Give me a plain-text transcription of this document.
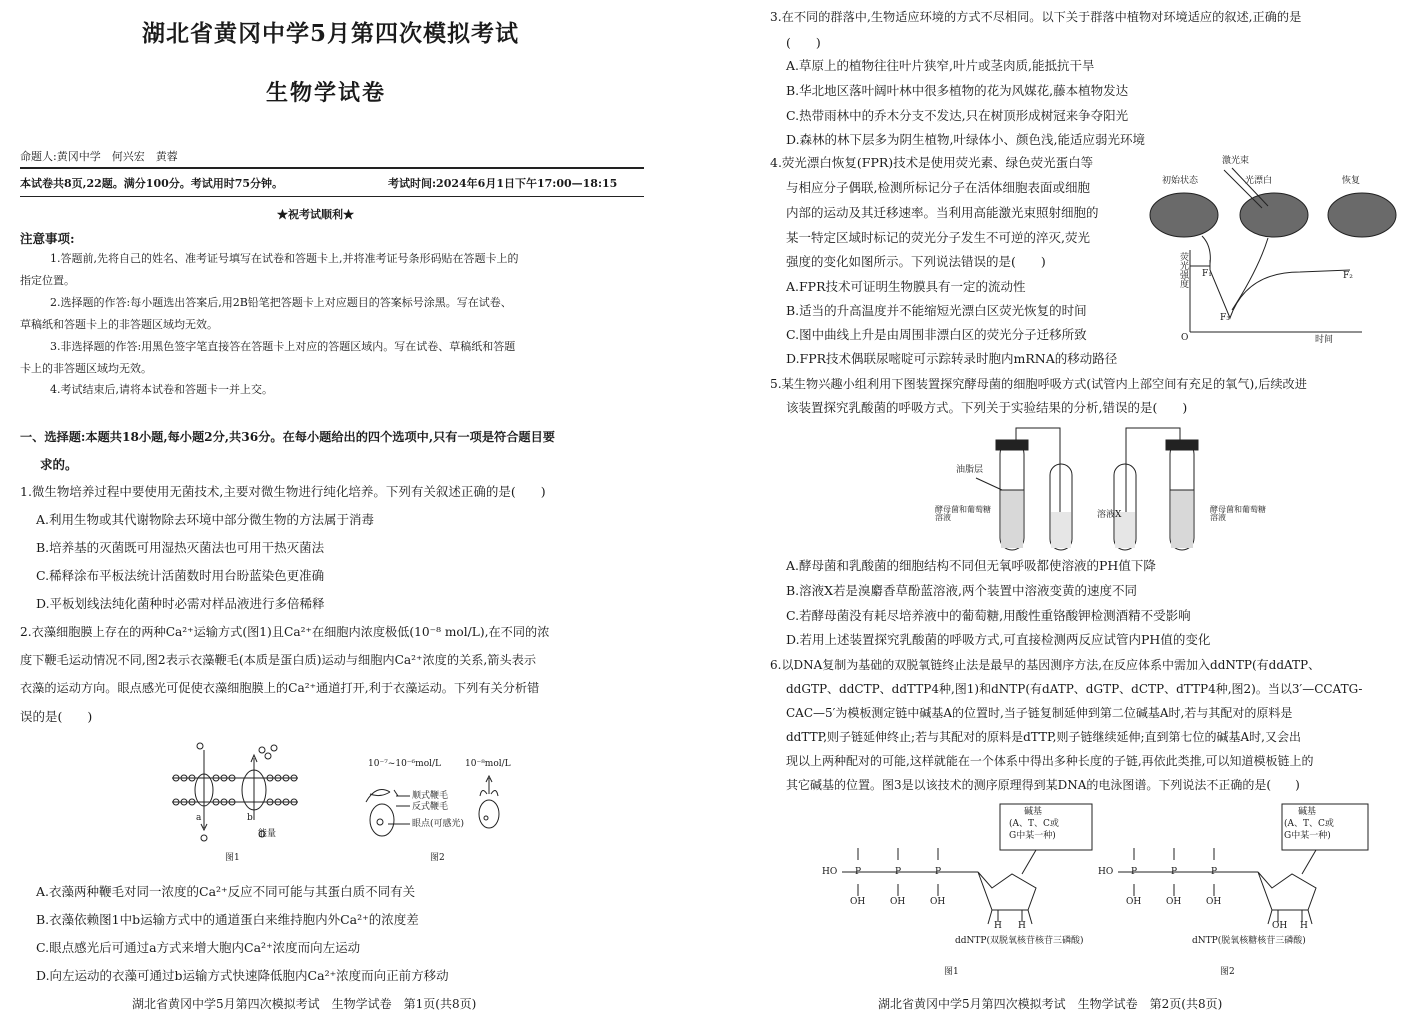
湖北省黄冈中学5月第四次模拟考试
生物学试卷
命题人:黄冈中学　何兴宏　黄蓉
本试卷共8页,22题。满分100分。考试用时75分钟。	考试时间:2024年6月1日下午17:00—18:15
★祝考试顺利★
注意事项:
1.答题前,先将自己的姓名、准考证号填写在试卷和答题卡上,并将准考证号条形码贴在答题卡上的
指定位置。
2.选择题的作答:每小题选出答案后,用2B铅笔把答题卡上对应题目的答案标号涂黑。写在试卷、
草稿纸和答题卡上的非答题区域均无效。
3.非选择题的作答:用黑色签字笔直接答在答题卡上对应的答题区域内。写在试卷、草稿纸和答题
卡上的非答题区域均无效。
4.考试结束后,请将本试卷和答题卡一并上交。
一、选择题:本题共18小题,每小题2分,共36分。在每小题给出的四个选项中,只有一项是符合题目要
求的。
1.微生物培养过程中要使用无菌技术,主要对微生物进行纯化培养。下列有关叙述正确的是(　　)
A.利用生物或其代谢物除去环境中部分微生物的方法属于消毒
B.培养基的灭菌既可用湿热灭菌法也可用干热灭菌法
C.稀释涂布平板法统计活菌数时用台盼蓝染色更准确
D.平板划线法纯化菌种时必需对样品液进行多倍稀释
2.衣藻细胞膜上存在的两种Ca²⁺运输方式(图1)且Ca²⁺在细胞内浓度极低(10⁻⁸ mol/L),在不同的浓
度下鞭毛运动情况不同,图2表示衣藻鞭毛(本质是蛋白质)运动与细胞内Ca²⁺浓度的关系,箭头表示
衣藻的运动方向。眼点感光可促使衣藻细胞膜上的Ca²⁺通道打开,利于衣藻运动。下列有关分析错
误的是(　　)
a	b
能量
图1
10⁻⁷~10⁻⁶mol/L	10⁻⁸mol/L
顺式鞭毛
反式鞭毛
眼点(可感光)
图2
A.衣藻两种鞭毛对同一浓度的Ca²⁺反应不同可能与其蛋白质不同有关
B.衣藻依赖图1中b运输方式中的通道蛋白来维持胞内外Ca²⁺的浓度差
C.眼点感光后可通过a方式来增大胞内Ca²⁺浓度而向左运动
D.向左运动的衣藻可通过b运输方式快速降低胞内Ca²⁺浓度而向正前方移动
湖北省黄冈中学5月第四次模拟考试　生物学试卷　第1页(共8页)
3.在不同的群落中,生物适应环境的方式不尽相同。以下关于群落中植物对环境适应的叙述,正确的是
(　　)
A.草原上的植物往往叶片狭窄,叶片或茎肉质,能抵抗干旱
B.华北地区落叶阔叶林中很多植物的花为风媒花,藤本植物发达
C.热带雨林中的乔木分支不发达,只在树顶形成树冠来争夺阳光
D.森林的林下层多为阴生植物,叶绿体小、颜色浅,能适应弱光环境
4.荧光漂白恢复(FPR)技术是使用荧光素、绿色荧光蛋白等
与相应分子偶联,检测所标记分子在活体细胞表面或细胞
内部的运动及其迁移速率。当利用高能激光束照射细胞的
某一特定区域时标记的荧光分子发生不可逆的淬灭,荧光
强度的变化如图所示。下列说法错误的是(　　)
A.FPR技术可证明生物膜具有一定的流动性
B.适当的升高温度并不能缩短光漂白区荧光恢复的时间
C.图中曲线上升是由周围非漂白区的荧光分子迁移所致
D.FPR技术偶联尿嘧啶可示踪转录时胞内mRNA的移动路径
激光束
初始状态	光漂白	恢复
荧光强度 F₁	F₂
F₃
O	时间
5.某生物兴趣小组利用下图装置探究酵母菌的细胞呼吸方式(试管内上部空间有充足的氧气),后续改进
该装置探究乳酸菌的呼吸方式。下列关于实验结果的分析,错误的是(　　)
油脂层
酵母菌和葡萄糖溶液	溶液X
酵母菌和葡萄糖溶液
A.酵母菌和乳酸菌的细胞结构不同但无氧呼吸都使溶液的PH值下降
B.溶液X若是溴麝香草酚蓝溶液,两个装置中溶液变黄的速度不同
C.若酵母菌没有耗尽培养液中的葡萄糖,用酸性重铬酸钾检测酒精不受影响
D.若用上述装置探究乳酸菌的呼吸方式,可直接检测两反应试管内PH值的变化
6.以DNA复制为基础的双脱氧链终止法是最早的基因测序方法,在反应体系中需加入ddNTP(有ddATP、
ddGTP、ddCTP、ddTTP4种,图1)和dNTP(有dATP、dGTP、dCTP、dTTP4种,图2)。当以3′—CCATG-
CAC—5′为模板测定链中碱基A的位置时,当子链复制延伸到第二位碱基A时,若与其配对的原料是
ddTTP,则子链延伸终止;若与其配对的原料是dTTP,则子链继续延伸;直到第七位的碱基A时,又会出
现以上两种配对的可能,这样就能在一个体系中得出多种长度的子链,再依此类推,可以知道模板链上的
其它碱基的位置。图3是以该技术的测序原理得到某DNA的电泳图谱。下列说法不正确的是(　　)
碱基
(A、T、C或
G中某一种)
HO P	P	P
OH	OH	OH
H H
ddNTP(双脱氧核苷核苷三磷酸)
图1
碱基
(A、T、C或
G中某一种)
HO P	P	P
OH	OH	OH
OH H
dNTP(脱氧核糖核苷三磷酸)
图2
湖北省黄冈中学5月第四次模拟考试　生物学试卷　第2页(共8页)
